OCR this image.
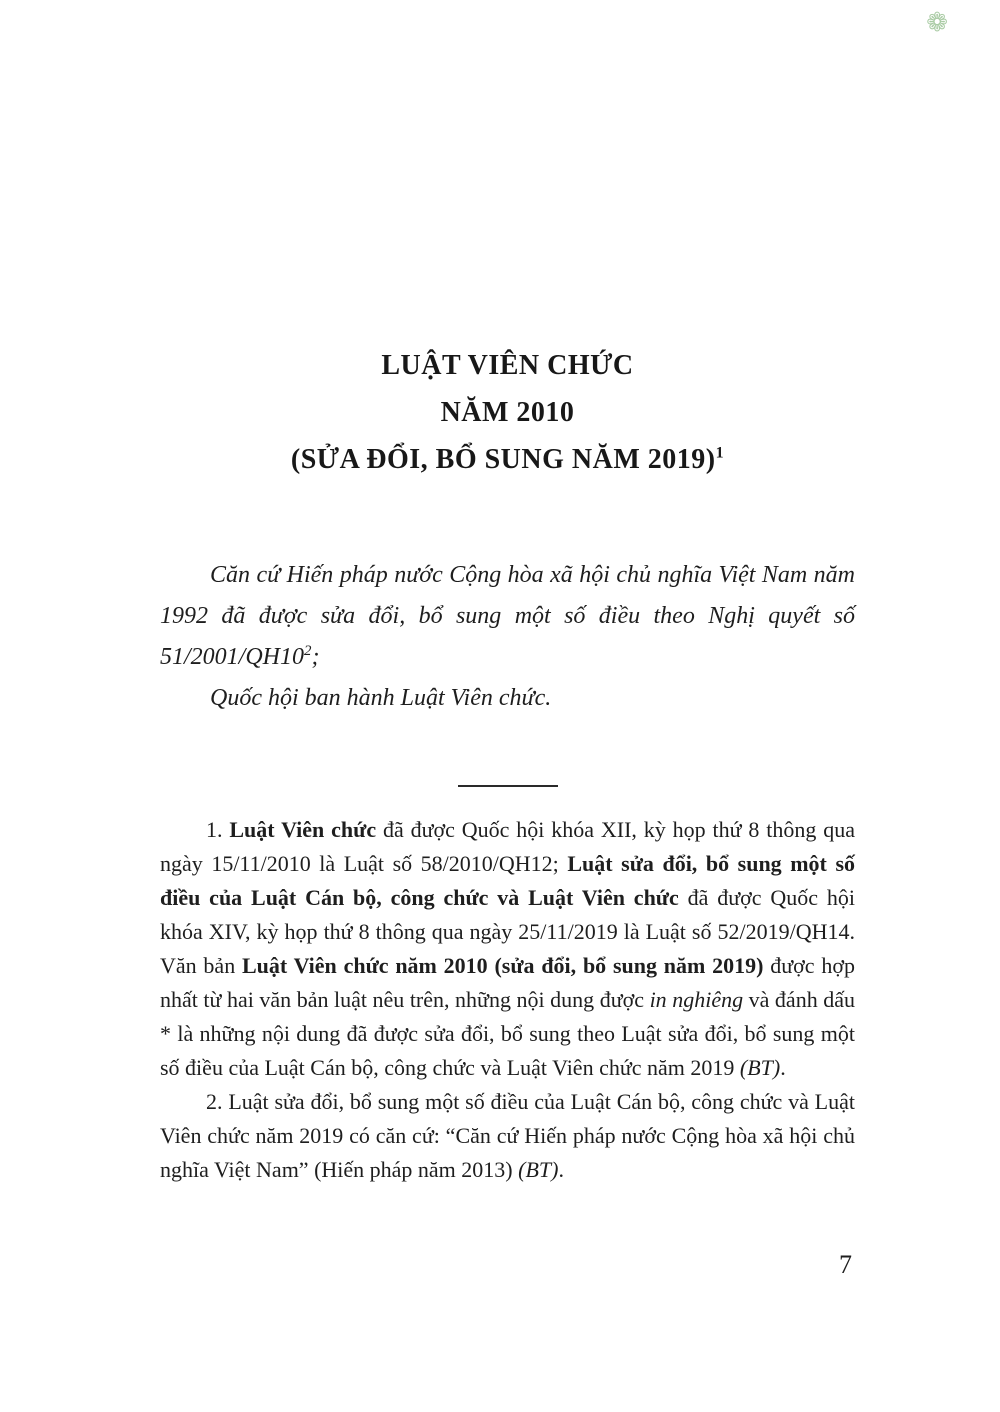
❁
LUẬT VIÊN CHỨC
NĂM 2010
(SỬA ĐỔI, BỔ SUNG NĂM 2019)$^1$

Căn cứ Hiến pháp nước Cộng hòa xã hội chủ nghĩa Việt Nam năm 1992 đã được sửa đổi, bổ sung một số điều theo Nghị quyết số $51/2001/QH10^2$;

Quốc hội ban hành Luật Viên chức.

1. Luật Viên chức đã được Quốc hội khóa XII, kỳ họp thứ 8 thông qua ngày 15/11/2010 là Luật số 58/2010/QH12; Luật sửa đổi, bổ sung một số điều của Luật Cán bộ, công chức và Luật Viên chức đã được Quốc hội khóa XIV, kỳ họp thứ 8 thông qua ngày 25/11/2019 là Luật số 52/2019/QH14. Văn bản Luật Viên chức năm 2010 (sửa đổi, bổ sung năm 2019) được hợp nhất từ hai văn bản luật nêu trên, những nội dung được in nghiêng và đánh dấu * là những nội dung đã được sửa đổi, bổ sung theo Luật sửa đổi, bổ sung một số điều của Luật Cán bộ, công chức và Luật Viên chức năm 2019 (BT).

2. Luật sửa đổi, bổ sung một số điều của Luật Cán bộ, công chức và Luật Viên chức năm 2019 có căn cứ: “Căn cứ Hiến pháp nước Cộng hòa xã hội chủ nghĩa Việt Nam” (Hiến pháp năm 2013) (BT).

7
